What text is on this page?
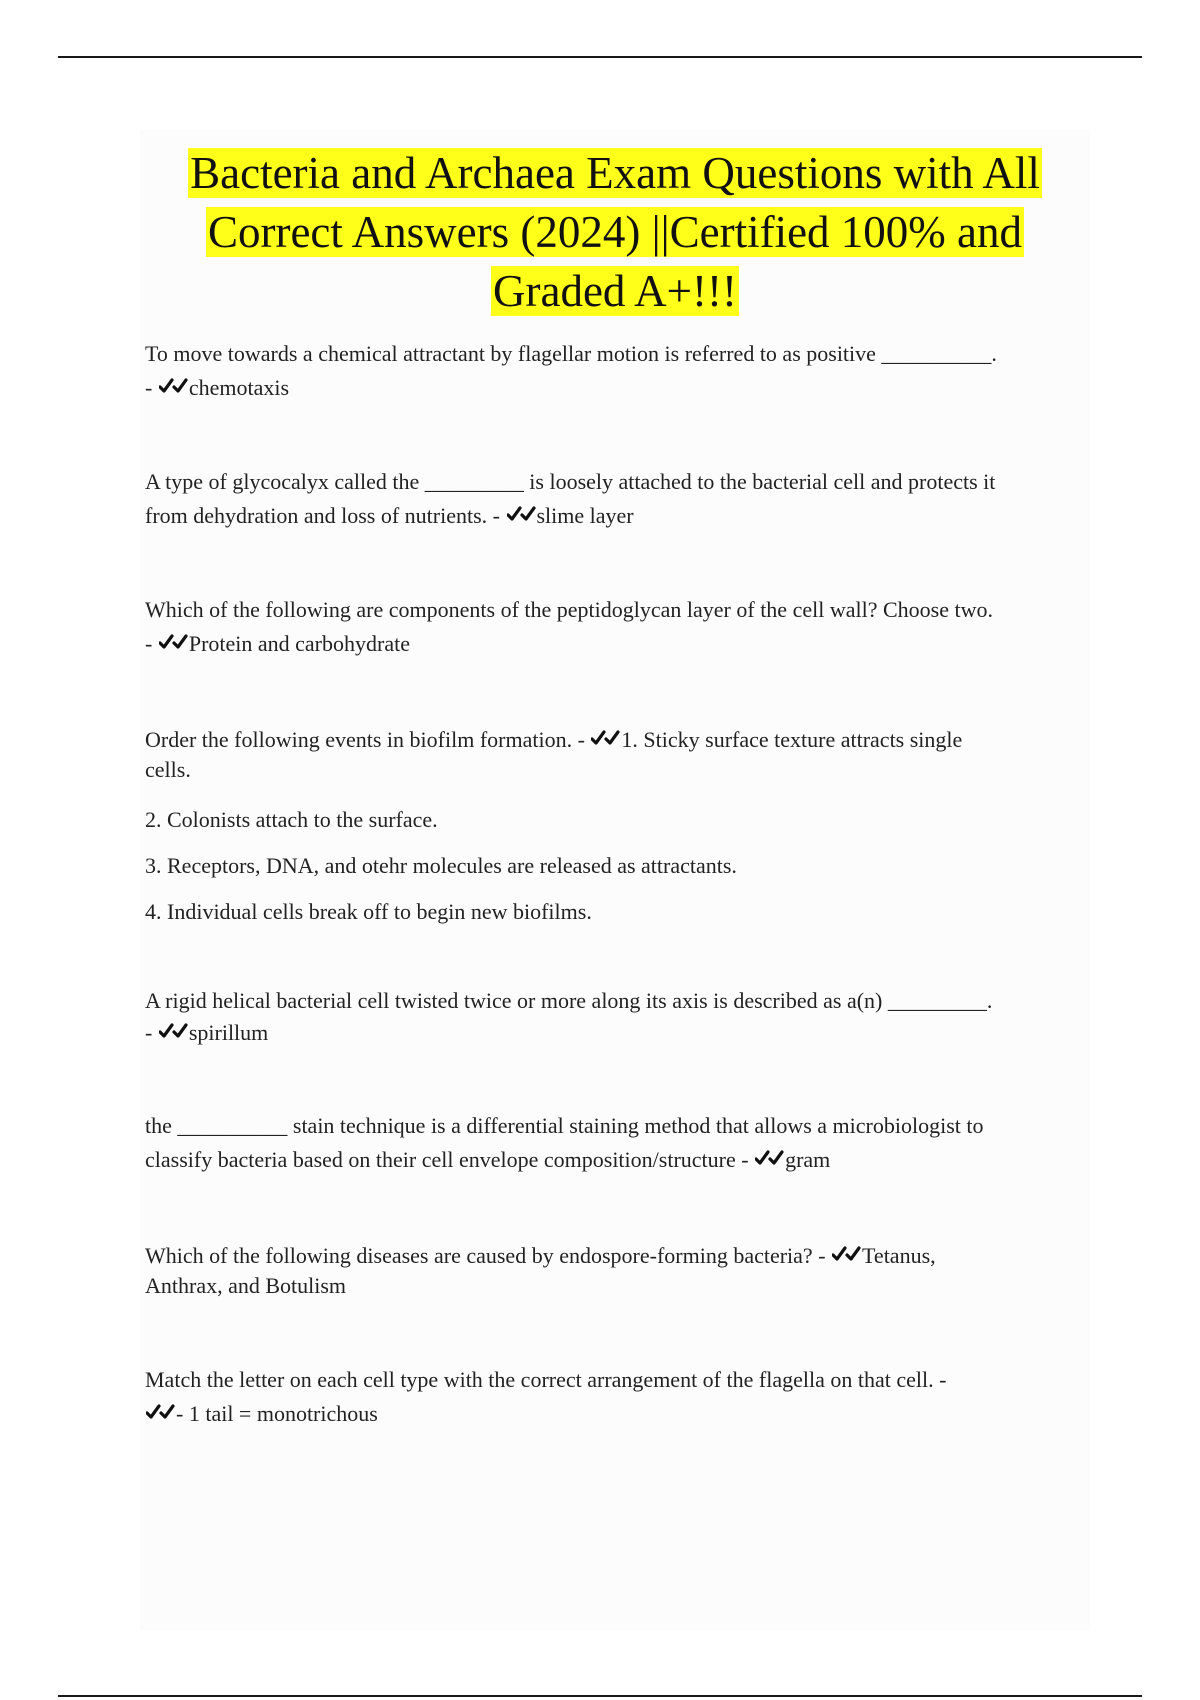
Bacteria and Archaea Exam Questions with All
Correct Answers (2024) ||Certified 100% and
Graded A+!!!

To move towards a chemical attractant by flagellar motion is referred to as positive __________.
- chemotaxis

A type of glycocalyx called the _________ is loosely attached to the bacterial cell and protects it
from dehydration and loss of nutrients. - slime layer

Which of the following are components of the peptidoglycan layer of the cell wall? Choose two.
- Protein and carbohydrate

Order the following events in biofilm formation. - 1. Sticky surface texture attracts single
cells.

2. Colonists attach to the surface.

3. Receptors, DNA, and otehr molecules are released as attractants.

4. Individual cells break off to begin new biofilms.

A rigid helical bacterial cell twisted twice or more along its axis is described as a(n) _________.
- spirillum

the __________ stain technique is a differential staining method that allows a microbiologist to
classify bacteria based on their cell envelope composition/structure - gram

Which of the following diseases are caused by endospore-forming bacteria? - Tetanus,
Anthrax, and Botulism

Match the letter on each cell type with the correct arrangement of the flagella on that cell. -
- 1 tail = monotrichous
